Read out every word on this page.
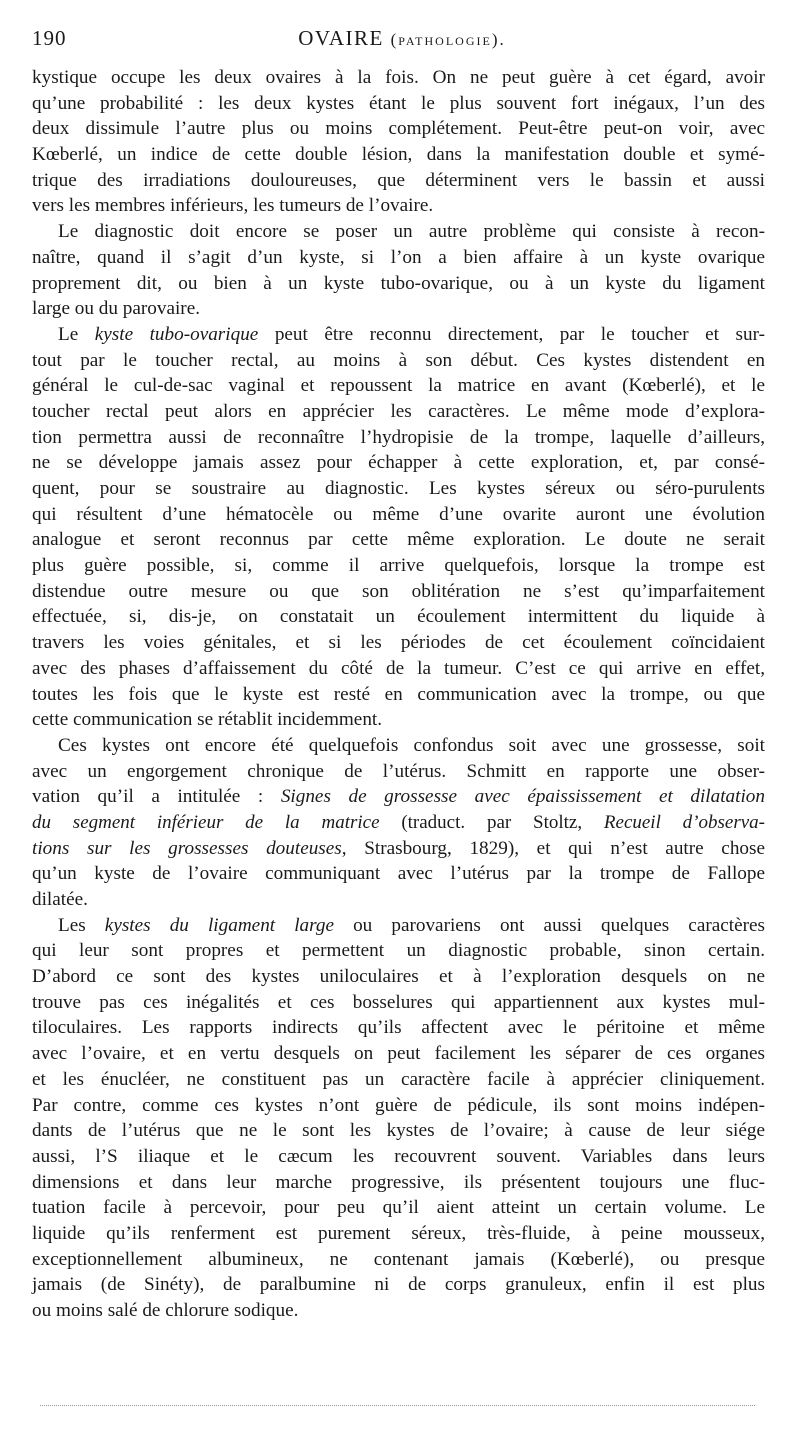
190	OVAIRE (pathologie).
kystique occupe les deux ovaires à la fois. On ne peut guère à cet égard, avoir
qu’une probabilité : les deux kystes étant le plus souvent fort inégaux, l’un des
deux dissimule l’autre plus ou moins complétement. Peut-être peut-on voir, avec
Kœberlé, un indice de cette double lésion, dans la manifestation double et symé-
trique des irradiations douloureuses, que déterminent vers le bassin et aussi
vers les membres inférieurs, les tumeurs de l’ovaire.
Le diagnostic doit encore se poser un autre problème qui consiste à recon-
naître, quand il s’agit d’un kyste, si l’on a bien affaire à un kyste ovarique
proprement dit, ou bien à un kyste tubo-ovarique, ou à un kyste du ligament
large ou du parovaire.
Le kyste tubo-ovarique peut être reconnu directement, par le toucher et sur-
tout par le toucher rectal, au moins à son début. Ces kystes distendent en
général le cul-de-sac vaginal et repoussent la matrice en avant (Kœberlé), et le
toucher rectal peut alors en apprécier les caractères. Le même mode d’explora-
tion permettra aussi de reconnaître l’hydropisie de la trompe, laquelle d’ailleurs,
ne se développe jamais assez pour échapper à cette exploration, et, par consé-
quent, pour se soustraire au diagnostic. Les kystes séreux ou séro-purulents
qui résultent d’une hématocèle ou même d’une ovarite auront une évolution
analogue et seront reconnus par cette même exploration. Le doute ne serait
plus guère possible, si, comme il arrive quelquefois, lorsque la trompe est
distendue outre mesure ou que son oblitération ne s’est qu’imparfaitement
effectuée, si, dis-je, on constatait un écoulement intermittent du liquide à
travers les voies génitales, et si les périodes de cet écoulement coïncidaient
avec des phases d’affaissement du côté de la tumeur. C’est ce qui arrive en effet,
toutes les fois que le kyste est resté en communication avec la trompe, ou que
cette communication se rétablit incidemment.
Ces kystes ont encore été quelquefois confondus soit avec une grossesse, soit
avec un engorgement chronique de l’utérus. Schmitt en rapporte une obser-
vation qu’il a intitulée : Signes de grossesse avec épaississement et dilatation
du segment inférieur de la matrice (traduct. par Stoltz, Recueil d’observa-
tions sur les grossesses douteuses, Strasbourg, 1829), et qui n’est autre chose
qu’un kyste de l’ovaire communiquant avec l’utérus par la trompe de Fallope
dilatée.
Les kystes du ligament large ou parovariens ont aussi quelques caractères
qui leur sont propres et permettent un diagnostic probable, sinon certain.
D’abord ce sont des kystes uniloculaires et à l’exploration desquels on ne
trouve pas ces inégalités et ces bosselures qui appartiennent aux kystes mul-
tiloculaires. Les rapports indirects qu’ils affectent avec le péritoine et même
avec l’ovaire, et en vertu desquels on peut facilement les séparer de ces organes
et les énucléer, ne constituent pas un caractère facile à apprécier cliniquement.
Par contre, comme ces kystes n’ont guère de pédicule, ils sont moins indépen-
dants de l’utérus que ne le sont les kystes de l’ovaire; à cause de leur siége
aussi, l’S iliaque et le cæcum les recouvrent souvent. Variables dans leurs
dimensions et dans leur marche progressive, ils présentent toujours une fluc-
tuation facile à percevoir, pour peu qu’il aient atteint un certain volume. Le
liquide qu’ils renferment est purement séreux, très-fluide, à peine mousseux,
exceptionnellement albumineux, ne contenant jamais (Kœberlé), ou presque
jamais (de Sinéty), de paralbumine ni de corps granuleux, enfin il est plus
ou moins salé de chlorure sodique.
